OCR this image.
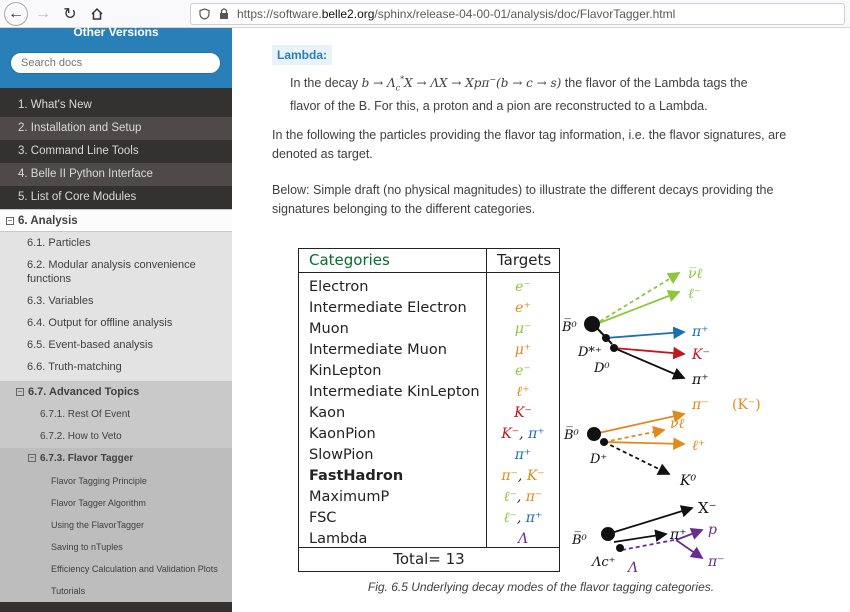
← → ↻	https://software. belle2.org /sphinx/release-04-00-01/analysis/doc/FlavorTagger.html
Other Versions
Search docs
1. What's New
2. Installation and Setup
3. Command Line Tools
4. Belle II Python Interface
5. List of Core Modules
− 6. Analysis
6.1. Particles
6.2. Modular analysis convenience functions
6.3. Variables
6.4. Output for offline analysis
6.5. Event-based analysis
6.6. Truth-matching
− 6.7. Advanced Topics
6.7.1. Rest Of Event
6.7.2. How to Veto
− 6.7.3. Flavor Tagger
Flavor Tagging Principle
Flavor Tagger Algorithm
Using the FlavorTagger
Saving to nTuples
Efficiency Calculation and Validation Plots
Tutorials
Lambda:
In the decay $b \to \Lambda_c^*X \to \Lambda X \to Xp\pi^-(b \to c \to s)$ the flavor of the Lambda tags the
flavor of the B. For this, a proton and a pion are reconstructed to a Lambda.
In the following the particles providing the flavor tag information, i.e. the flavor signatures, are
denoted as target.
Below: Simple draft (no physical magnitudes) to illustrate the different decays providing the
signatures belonging to the different categories.
Categories	Targets
Electron	e⁻
Intermediate Electron	e⁺
Muon	μ⁻
Intermediate Muon	μ⁺
KinLepton	e⁻
Intermediate KinLepton	ℓ⁺
Kaon	K⁻
KaonPion	K⁻, π⁺
SlowPion	π⁺
FastHadron	π⁻, K⁻
MaximumP	ℓ⁻, π⁻
FSC	ℓ⁻, π⁺
Lambda	Λ
Total= 13
ν̅ℓ
ℓ⁻
B̅⁰
D*⁺
D⁰
π⁺
K⁻
π⁺
B̅⁰
D⁺
π⁻ (K⁻)
νℓ
ℓ⁺
K⁰
B̅⁰
Λc⁺
X⁻
π⁺
Λ
p
π⁻
Fig. 6.5 Underlying decay modes of the flavor tagging categories.
